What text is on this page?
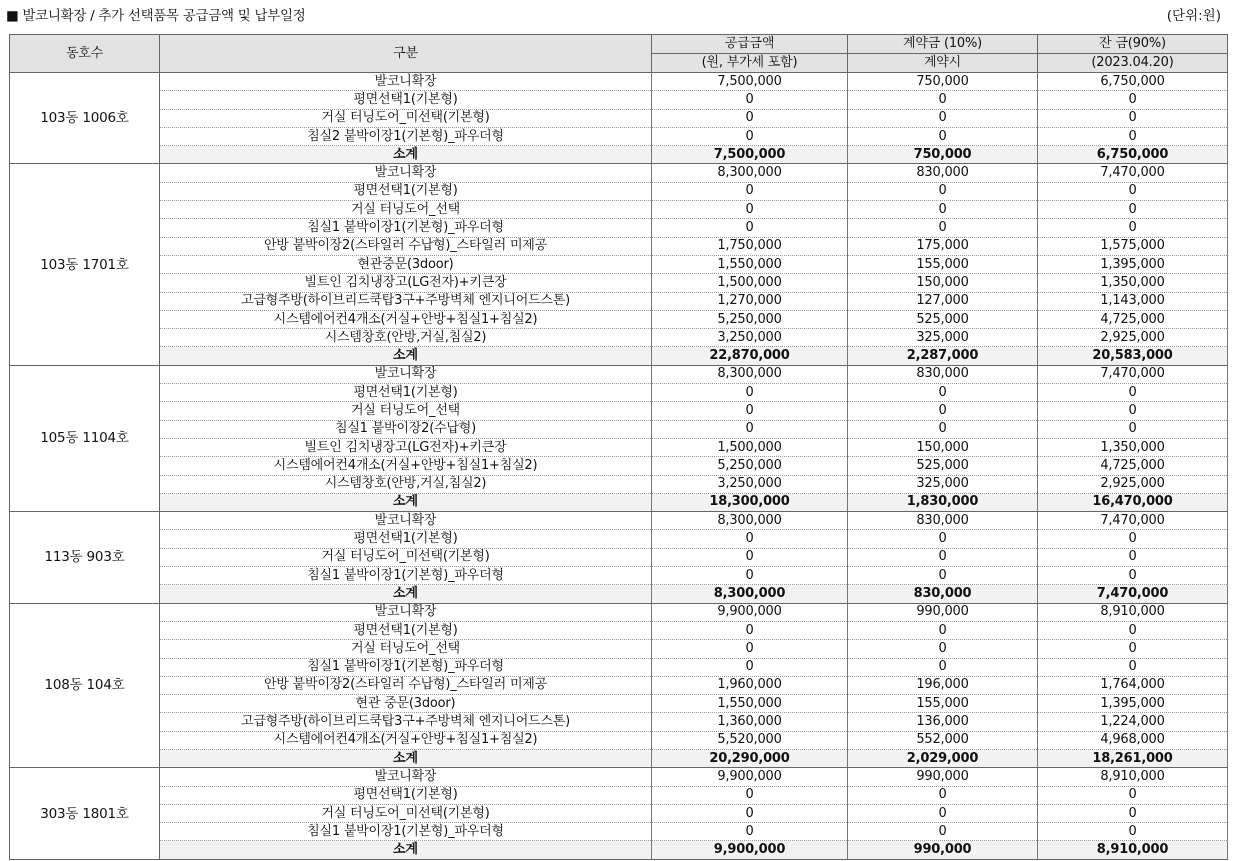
■ 발코니확장 / 추가 선택품목 공급금액 및 납부일정	(단위:원)
동호수	구분	공급금액	계약금 (10%)	잔 금(90%)
		(원, 부가세 포함)	계약시	(2023.04.20)
103동 1006호	발코니확장	7,500,000	750,000	6,750,000
	평면선택1(기본형)	0	0	0
	거실 터닝도어_미선택(기본형)	0	0	0
	침실2 붙박이장1(기본형)_파우더형	0	0	0
	소계	7,500,000	750,000	6,750,000
103동 1701호	발코니확장	8,300,000	830,000	7,470,000
	평면선택1(기본형)	0	0	0
	거실 터닝도어_선택	0	0	0
	침실1 붙박이장1(기본형)_파우더형	0	0	0
	안방 붙박이장2(스타일러 수납형)_스타일러 미제공	1,750,000	175,000	1,575,000
	현관중문(3door)	1,550,000	155,000	1,395,000
	빌트인 김치냉장고(LG전자)+키큰장	1,500,000	150,000	1,350,000
	고급형주방(하이브리드쿡탑3구+주방벽체 엔지니어드스톤)	1,270,000	127,000	1,143,000
	시스템에어컨4개소(거실+안방+침실1+침실2)	5,250,000	525,000	4,725,000
	시스템창호(안방,거실,침실2)	3,250,000	325,000	2,925,000
	소계	22,870,000	2,287,000	20,583,000
105동 1104호	발코니확장	8,300,000	830,000	7,470,000
	평면선택1(기본형)	0	0	0
	거실 터닝도어_선택	0	0	0
	침실1 붙박이장2(수납형)	0	0	0
	빌트인 김치냉장고(LG전자)+키큰장	1,500,000	150,000	1,350,000
	시스템에어컨4개소(거실+안방+침실1+침실2)	5,250,000	525,000	4,725,000
	시스템창호(안방,거실,침실2)	3,250,000	325,000	2,925,000
	소계	18,300,000	1,830,000	16,470,000
113동 903호	발코니확장	8,300,000	830,000	7,470,000
	평면선택1(기본형)	0	0	0
	거실 터닝도어_미선택(기본형)	0	0	0
	침실1 붙박이장1(기본형)_파우더형	0	0	0
	소계	8,300,000	830,000	7,470,000
108동 104호	발코니확장	9,900,000	990,000	8,910,000
	평면선택1(기본형)	0	0	0
	거실 터닝도어_선택	0	0	0
	침실1 붙박이장1(기본형)_파우더형	0	0	0
	안방 붙박이장2(스타일러 수납형)_스타일러 미제공	1,960,000	196,000	1,764,000
	현관 중문(3door)	1,550,000	155,000	1,395,000
	고급형주방(하이브리드쿡탑3구+주방벽체 엔지니어드스톤)	1,360,000	136,000	1,224,000
	시스템에어컨4개소(거실+안방+침실1+침실2)	5,520,000	552,000	4,968,000
	소계	20,290,000	2,029,000	18,261,000
303동 1801호	발코니확장	9,900,000	990,000	8,910,000
	평면선택1(기본형)	0	0	0
	거실 터닝도어_미선택(기본형)	0	0	0
	침실1 붙박이장1(기본형)_파우더형	0	0	0
	소계	9,900,000	990,000	8,910,000
